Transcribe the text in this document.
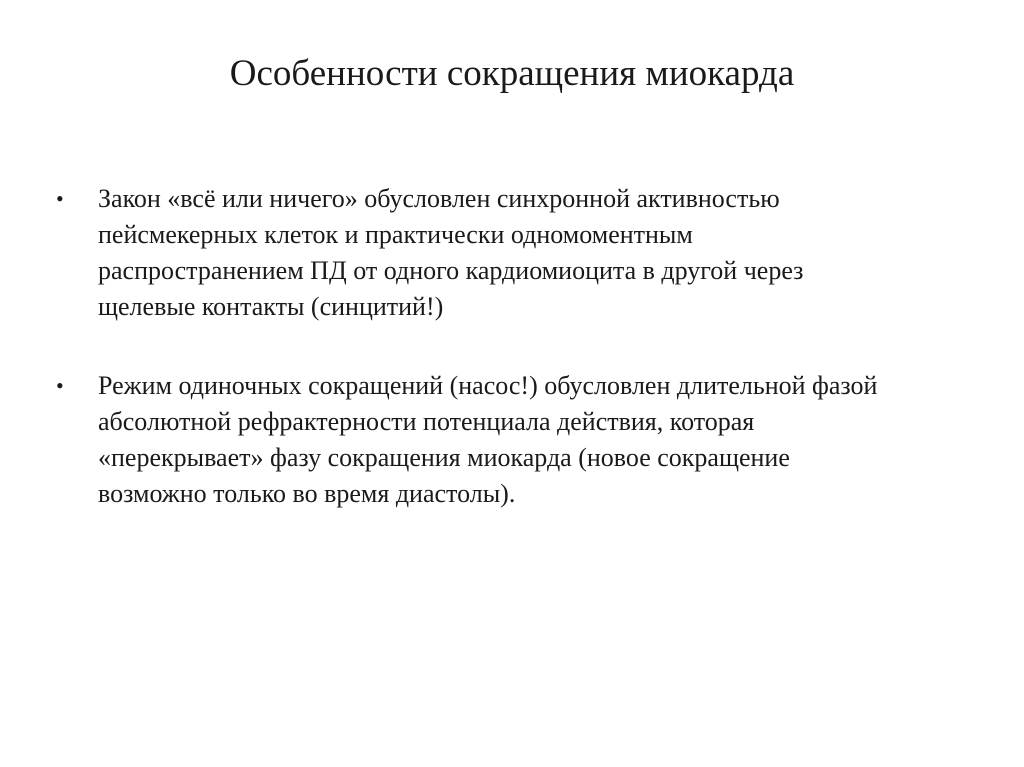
Особенности сокращения миокарда
•	Закон «всё или ничего» обусловлен синхронной активностью
пейсмекерных клеток и практически одномоментным
распространением ПД от одного кардиомиоцита в другой через
щелевые контакты (синцитий!)
•	Режим одиночных сокращений (насос!) обусловлен длительной фазой
абсолютной рефрактерности потенциала действия, которая
«перекрывает» фазу сокращения миокарда (новое сокращение
возможно только во время диастолы).
